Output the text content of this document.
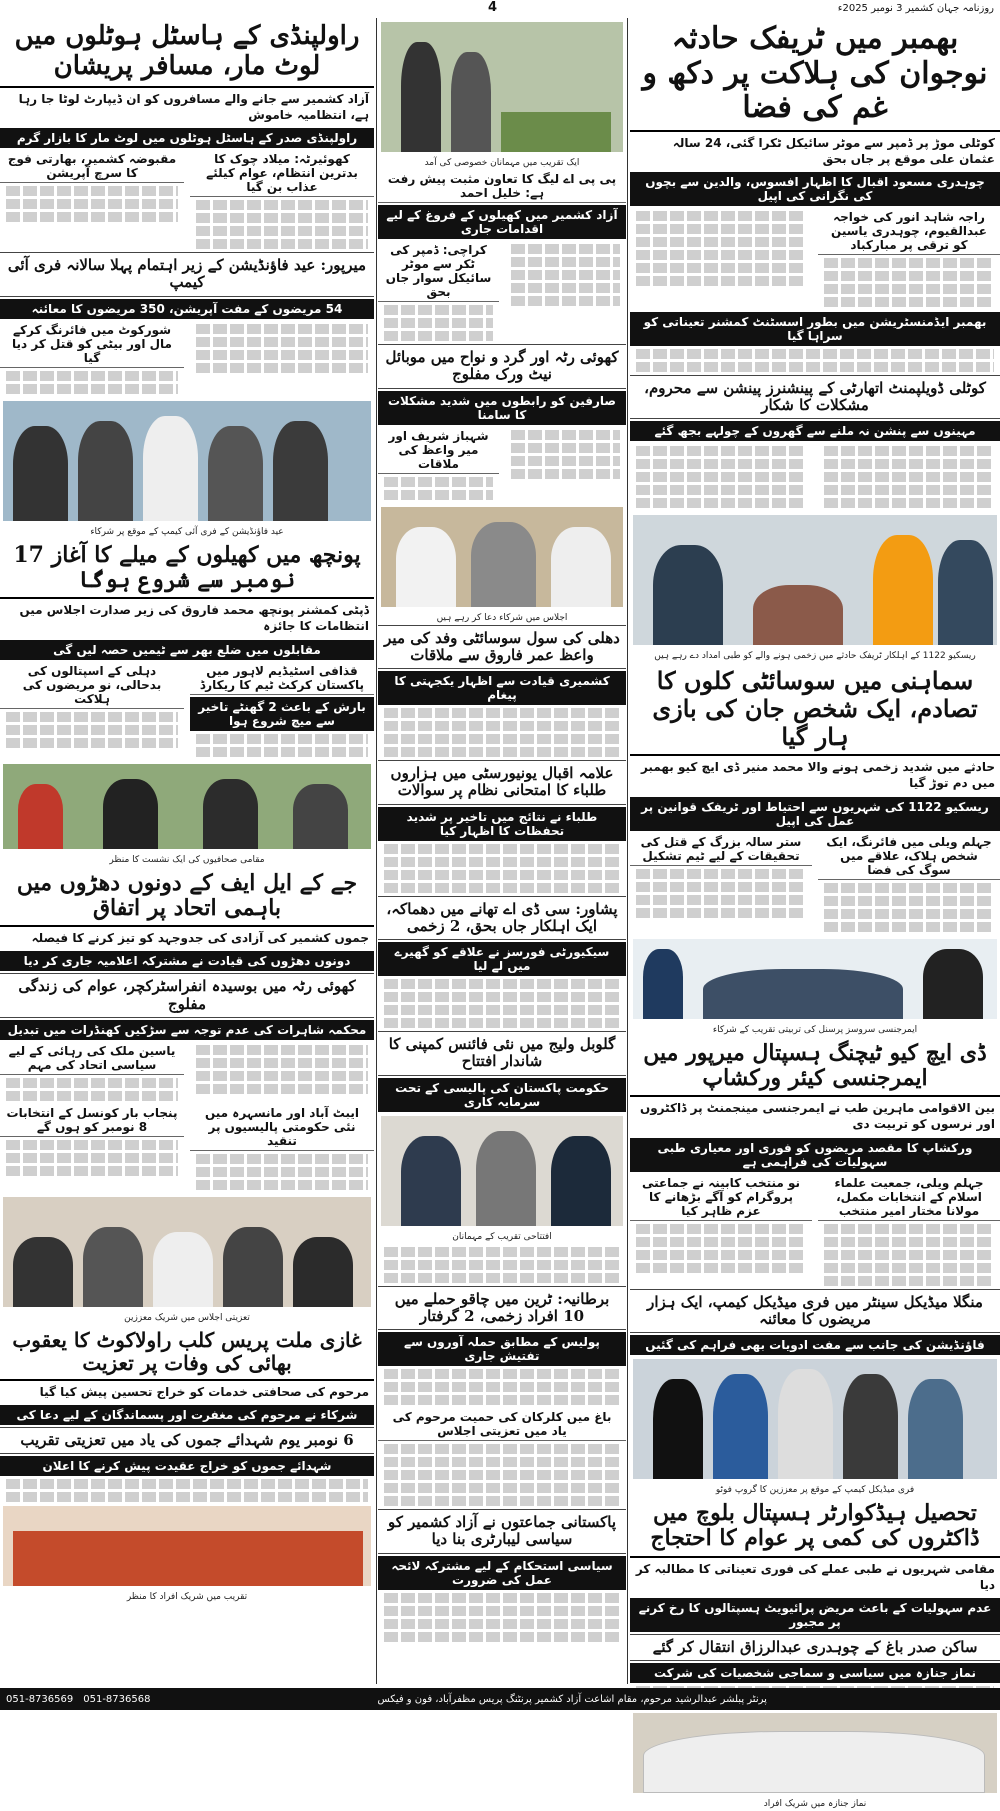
4	روزنامہ جہان کشمیر 3 نومبر 2025ء
بھمبر میں ٹریفک حادثہ نوجوان کی ہلاکت پر دکھ و غم کی فضا
کوٹلی موڑ پر ڈمپر سے موٹر سائیکل ٹکرا گئی، 24 سالہ عثمان علی موقع پر جاں بحق
چوہدری مسعود اقبال کا اظہار افسوس، والدین سے بچوں کی نگرانی کی اپیل
راجہ شاہد انور کی خواجہ عبدالقیوم، چوہدری یاسین کو ترقی پر مبارکباد
بھمبر ایڈمنسٹریشن میں بطور اسسٹنٹ کمشنر تعیناتی کو سراہا گیا
کوٹلی ڈویلپمنٹ اتھارٹی کے پینشنرز پینشن سے محروم، مشکلات کا شکار
مہینوں سے پنشن نہ ملنے سے گھروں کے چولہے بجھ گئے
ریسکیو 1122 کے اہلکار ٹریفک حادثے میں زخمی ہونے والے کو طبی امداد دے رہے ہیں
سماہنی میں سوسائٹی کلوں کا تصادم، ایک شخص جان کی بازی ہار گیا
حادثے میں شدید زخمی ہونے والا محمد منیر ڈی ایچ کیو بھمبر میں دم توڑ گیا
ریسکیو 1122 کی شہریوں سے احتیاط اور ٹریفک قوانین پر عمل کی اپیل
جہلم ویلی میں فائرنگ، ایک شخص ہلاک، علاقے میں سوگ کی فضا
ستر سالہ بزرگ کے قتل کی تحقیقات کے لیے ٹیم تشکیل
ایمرجنسی سروسز پرسنل کی تربیتی تقریب کے شرکاء
ڈی ایچ کیو ٹیچنگ ہسپتال میرپور میں ایمرجنسی کیئر ورکشاپ
بین الاقوامی ماہرین طب نے ایمرجنسی مینجمنٹ پر ڈاکٹروں اور نرسوں کو تربیت دی
ورکشاپ کا مقصد مریضوں کو فوری اور معیاری طبی سہولیات کی فراہمی ہے
جہلم ویلی، جمعیت علماء اسلام کے انتخابات مکمل، مولانا مختار امیر منتخب
نو منتخب کابینہ نے جماعتی پروگرام کو آگے بڑھانے کا عزم ظاہر کیا
منگلا میڈیکل سینٹر میں فری میڈیکل کیمپ، ایک ہزار مریضوں کا معائنہ
فاؤنڈیشن کی جانب سے مفت ادویات بھی فراہم کی گئیں
فری میڈیکل کیمپ کے موقع پر معززین کا گروپ فوٹو
تحصیل ہیڈکوارٹر ہسپتال بلوچ میں ڈاکٹروں کی کمی پر عوام کا احتجاج
مقامی شہریوں نے طبی عملے کی فوری تعیناتی کا مطالبہ کر دیا
عدم سہولیات کے باعث مریض پرائیویٹ ہسپتالوں کا رخ کرنے پر مجبور
ساکن صدر باغ کے چوہدری عبدالرزاق انتقال کر گئے
نماز جنازہ میں سیاسی و سماجی شخصیات کی شرکت
نماز جنازہ میں شریک افراد
ایک تقریب میں مہمانان خصوصی کی آمد
پی پی اے لیگ کا تعاون مثبت پیش رفت ہے: خلیل احمد
آزاد کشمیر میں کھیلوں کے فروغ کے لیے اقدامات جاری
کراچی: ڈمپر کی ٹکر سے موٹر سائیکل سوار جاں بحق
کھوئی رٹہ اور گرد و نواح میں موبائل نیٹ ورک مفلوج
صارفین کو رابطوں میں شدید مشکلات کا سامنا
شہباز شریف اور میر واعظ کی ملاقات
اجلاس میں شرکاء دعا کر رہے ہیں
دھلی کی سول سوسائٹی وفد کی میر واعظ عمر فاروق سے ملاقات
کشمیری قیادت سے اظہار یکجہتی کا پیغام
علامہ اقبال یونیورسٹی میں ہزاروں طلباء کا امتحانی نظام پر سوالات
طلباء نے نتائج میں تاخیر پر شدید تحفظات کا اظہار کیا
پشاور: سی ڈی اے تھانے میں دھماکہ، ایک اہلکار جاں بحق، 2 زخمی
سیکیورٹی فورسز نے علاقے کو گھیرے میں لے لیا
گلوبل ولیج میں نئی فائنس کمپنی کا شاندار افتتاح
حکومت پاکستان کی پالیسی کے تحت سرمایہ کاری
افتتاحی تقریب کے مہمانان
برطانیہ: ٹرین میں چاقو حملے میں 10 افراد زخمی، 2 گرفتار
پولیس کے مطابق حملہ آوروں سے تفتیش جاری
باغ میں کلرکان کی حمیت مرحوم کی یاد میں تعزیتی اجلاس
پاکستانی جماعتوں نے آزاد کشمیر کو سیاسی لیبارٹری بنا دیا
سیاسی استحکام کے لیے مشترکہ لائحہ عمل کی ضرورت
راولپنڈی کے ہاسٹل ہوٹلوں میں لوٹ مار، مسافر پریشان
آزاد کشمیر سے جانے والے مسافروں کو ان ڈیپارٹ لوٹا جا رہا ہے، انتظامیہ خاموش
راولپنڈی صدر کے ہاسٹل ہوٹلوں میں لوٹ مار کا بازار گرم
کھوئیرٹہ: میلاد چوک کا بدترین انتظام، عوام کیلئے عذاب بن گیا
مقبوضہ کشمیر، بھارتی فوج کا سرچ آپریشن
میرپور: عید فاؤنڈیشن کے زیر اہتمام پہلا سالانہ فری آئی کیمپ
54 مریضوں کے مفت آپریشن، 350 مریضوں کا معائنہ
شورکوٹ میں فائرنگ کرکے مال اور بیٹی کو قتل کر دیا گیا
عید فاؤنڈیشن کے فری آئی کیمپ کے موقع پر شرکاء
پونچھ میں کھیلوں کے میلے کا آغاز 17 نومبر سے شروع ہوگا
ڈپٹی کمشنر پونچھ محمد فاروق کی زیر صدارت اجلاس میں انتظامات کا جائزہ
مقابلوں میں ضلع بھر سے ٹیمیں حصہ لیں گی
قذافی اسٹیڈیم لاہور میں پاکستان کرکٹ ٹیم کا ریکارڈ
بارش کے باعث 2 گھنٹے تاخیر سے میچ شروع ہوا
دہلی کے اسپتالوں کی بدحالی، نو مریضوں کی ہلاکت
مقامی صحافیوں کی ایک نشست کا منظر
جے کے ایل ایف کے دونوں دھڑوں میں باہمی اتحاد پر اتفاق
جموں کشمیر کی آزادی کی جدوجہد کو تیز کرنے کا فیصلہ
دونوں دھڑوں کی قیادت نے مشترکہ اعلامیہ جاری کر دیا
کھوئی رٹہ میں بوسیدہ انفراسٹرکچر، عوام کی زندگی مفلوج
محکمہ شاہرات کی عدم توجہ سے سڑکیں کھنڈرات میں تبدیل
یاسین ملک کی رہائی کے لیے سیاسی اتحاد کی مہم
ایبٹ آباد اور مانسہرہ میں نئی حکومتی پالیسیوں پر تنقید
پنجاب بار کونسل کے انتخابات 8 نومبر کو ہوں گے
تعزیتی اجلاس میں شریک معززین
غازی ملت پریس کلب راولاکوٹ کا یعقوب بھائی کی وفات پر تعزیت
مرحوم کی صحافتی خدمات کو خراج تحسین پیش کیا گیا
شرکاء نے مرحوم کی مغفرت اور پسماندگان کے لیے دعا کی
6 نومبر یوم شہدائے جموں کی یاد میں تعزیتی تقریب
شہدائے جموں کو خراج عقیدت پیش کرنے کا اعلان
تقریب میں شریک افراد کا منظر
051-8736569 051-8736568	پرنٹر پبلشر عبدالرشید مرحوم، مقام اشاعت آزاد کشمیر پرنٹنگ پریس مظفرآباد، فون و فیکس
